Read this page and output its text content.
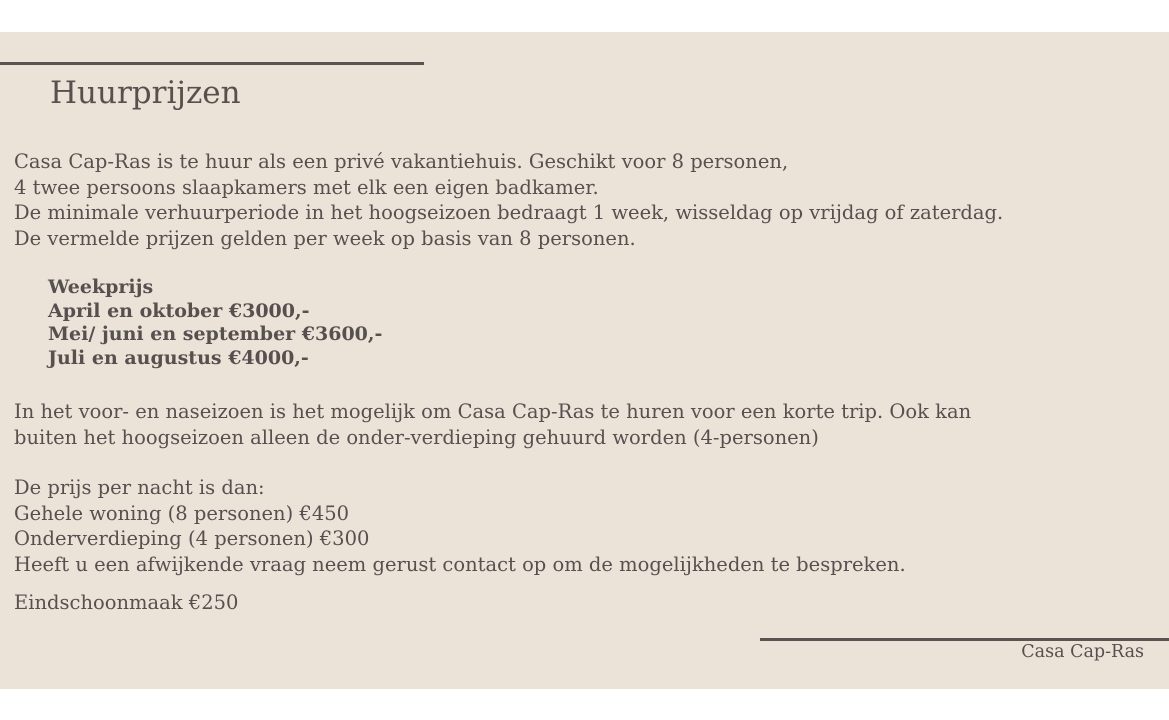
Huurprijzen

Casa Cap-Ras is te huur als een privé vakantiehuis. Geschikt voor 8 personen,
4 twee persoons slaapkamers met elk een eigen badkamer.
De minimale verhuurperiode in het hoogseizoen bedraagt 1 week, wisseldag op vrijdag of zaterdag.
De vermelde prijzen gelden per week op basis van 8 personen.

Weekprijs
April en oktober €3000,-
Mei/ juni en september €3600,-
Juli en augustus €4000,-

In het voor- en naseizoen is het mogelijk om Casa Cap-Ras te huren voor een korte trip. Ook kan
buiten het hoogseizoen alleen de onder-verdieping gehuurd worden (4-personen)

De prijs per nacht is dan:
Gehele woning (8 personen) €450
Onderverdieping (4 personen) €300
Heeft u een afwijkende vraag neem gerust contact op om de mogelijkheden te bespreken.

Eindschoonmaak €250

Casa Cap-Ras
